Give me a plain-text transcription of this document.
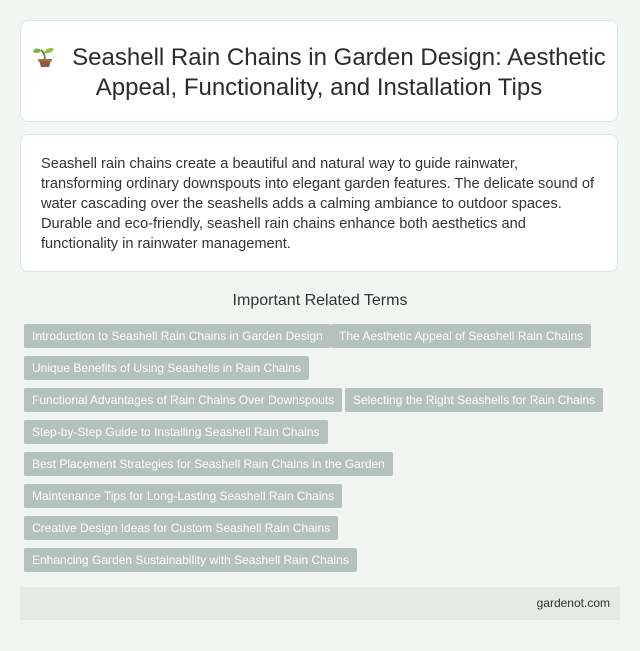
Seashell Rain Chains in Garden Design: Aesthetic Appeal, Functionality, and Installation Tips

Seashell rain chains create a beautiful and natural way to guide rainwater, transforming ordinary downspouts into elegant garden features. The delicate sound of water cascading over the seashells adds a calming ambiance to outdoor spaces. Durable and eco-friendly, seashell rain chains enhance both aesthetics and functionality in rainwater management.

Important Related Terms
Introduction to Seashell Rain Chains in Garden Design	The Aesthetic Appeal of Seashell Rain Chains
Unique Benefits of Using Seashells in Rain Chains
Functional Advantages of Rain Chains Over Downspouts	Selecting the Right Seashells for Rain Chains
Step-by-Step Guide to Installing Seashell Rain Chains
Best Placement Strategies for Seashell Rain Chains in the Garden
Maintenance Tips for Long-Lasting Seashell Rain Chains
Creative Design Ideas for Custom Seashell Rain Chains
Enhancing Garden Sustainability with Seashell Rain Chains
gardenot.com
